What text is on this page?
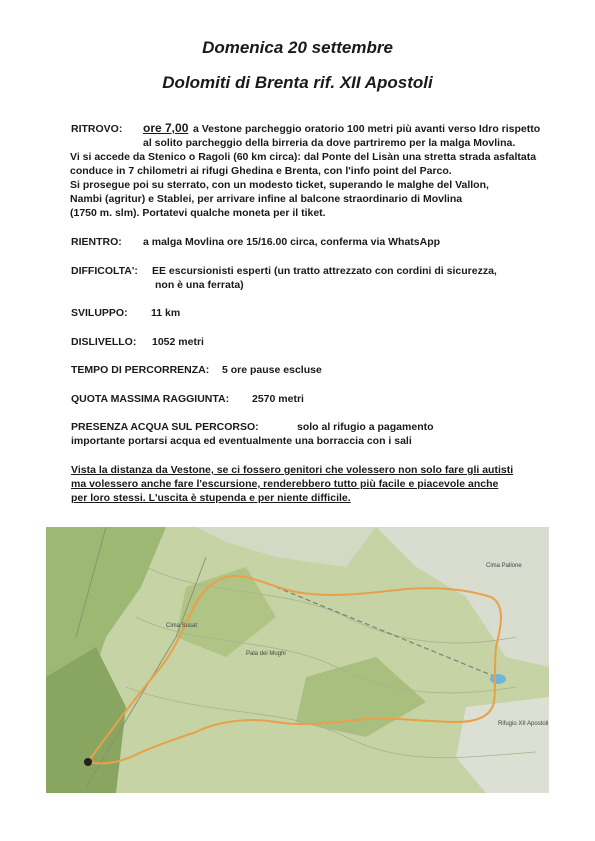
Domenica 20 settembre
Dolomiti di Brenta rif. XII Apostoli
RITROVO: ore 7,00 a Vestone parcheggio oratorio 100 metri più avanti verso Idro rispetto
al solito parcheggio della birreria da dove partriremo per la malga Movlina.
Vi si accede da Stenico o Ragoli (60 km circa): dal Ponte del Lisàn una stretta strada asfaltata
conduce in 7 chilometri ai rifugi Ghedina e Brenta, con l'info point del Parco.
Si prosegue poi su sterrato, con un modesto ticket, superando le malghe del Vallon,
Nambi (agritur) e Stablei, per arrivare infine al balcone straordinario di Movlina
(1750 m. slm). Portatevi qualche moneta per il tiket.
RIENTRO: a malga Movlina ore 15/16.00 circa, conferma via WhatsApp
DIFFICOLTA': EE escursionisti esperti (un tratto attrezzato con cordini di sicurezza,
non è una ferrata)
SVILUPPO: 11 km
DISLIVELLO: 1052 metri
TEMPO DI PERCORRENZA: 5 ore pause escluse
QUOTA MASSIMA RAGGIUNTA: 2570 metri
PRESENZA ACQUA SUL PERCORSO:	solo al rifugio a pagamento
importante portarsi acqua ed eventualmente una borraccia con i sali
Vista la distanza da Vestone, se ci fossero genitori che volessero non solo fare gli autisti
ma volessero anche fare l'escursione, renderebbero tutto più facile e piacevole anche
per loro stessi. L'uscita è stupenda e per niente difficile.
Rifugio XII Apostoli
Pala dei Mughi
Cima Susat
Cima Pallone
